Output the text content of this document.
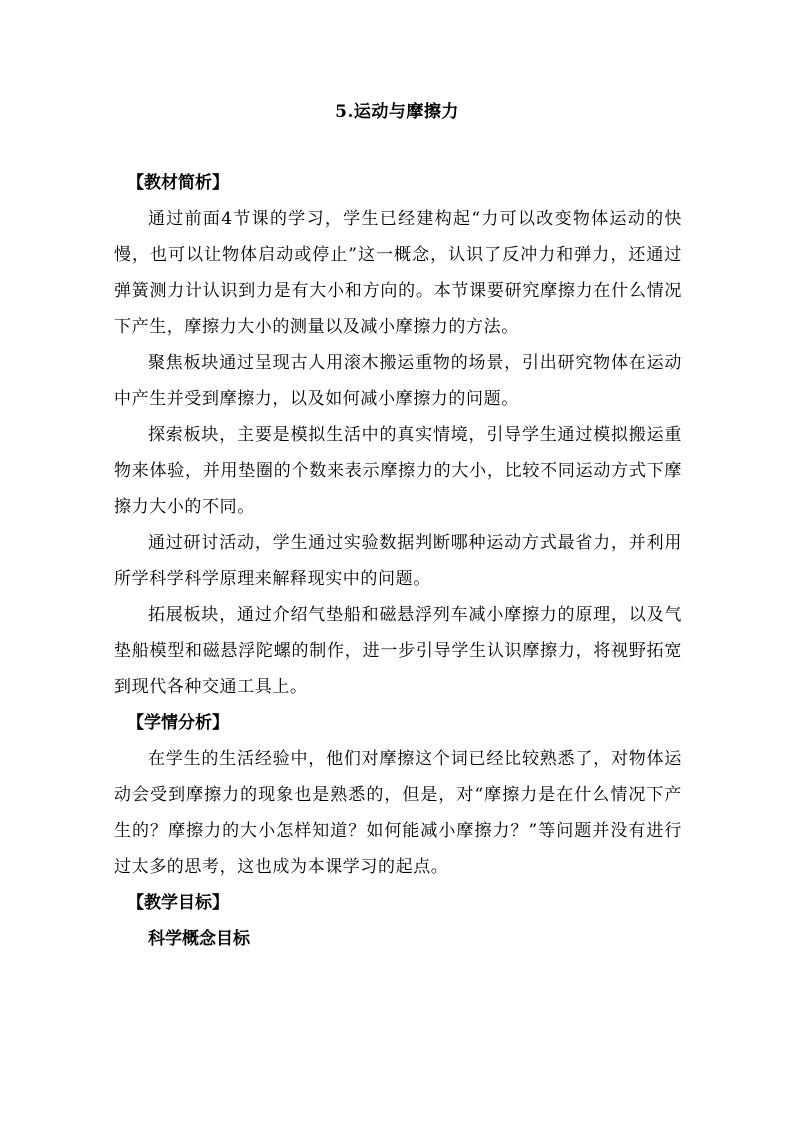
5.运动与摩擦力
【教材简析】

通过前面4节课的学习，学生已经建构起“力可以改变物体运动的快慢，也可以让物体启动或停止”这一概念，认识了反冲力和弹力，还通过弹簧测力计认识到力是有大小和方向的。本节课要研究摩擦力在什么情况下产生，摩擦力大小的测量以及减小摩擦力的方法。

聚焦板块通过呈现古人用滚木搬运重物的场景，引出研究物体在运动中产生并受到摩擦力，以及如何减小摩擦力的问题。

探索板块，主要是模拟生活中的真实情境，引导学生通过模拟搬运重物来体验，并用垫圈的个数来表示摩擦力的大小，比较不同运动方式下摩擦力大小的不同。

通过研讨活动，学生通过实验数据判断哪种运动方式最省力，并利用所学科学科学原理来解释现实中的问题。

拓展板块，通过介绍气垫船和磁悬浮列车减小摩擦力的原理，以及气垫船模型和磁悬浮陀螺的制作，进一步引导学生认识摩擦力，将视野拓宽到现代各种交通工具上。

【学情分析】

在学生的生活经验中，他们对摩擦这个词已经比较熟悉了，对物体运动会受到摩擦力的现象也是熟悉的，但是，对“摩擦力是在什么情况下产生的？摩擦力的大小怎样知道？如何能减小摩擦力？”等问题并没有进行过太多的思考，这也成为本课学习的起点。

【教学目标】
科学概念目标
